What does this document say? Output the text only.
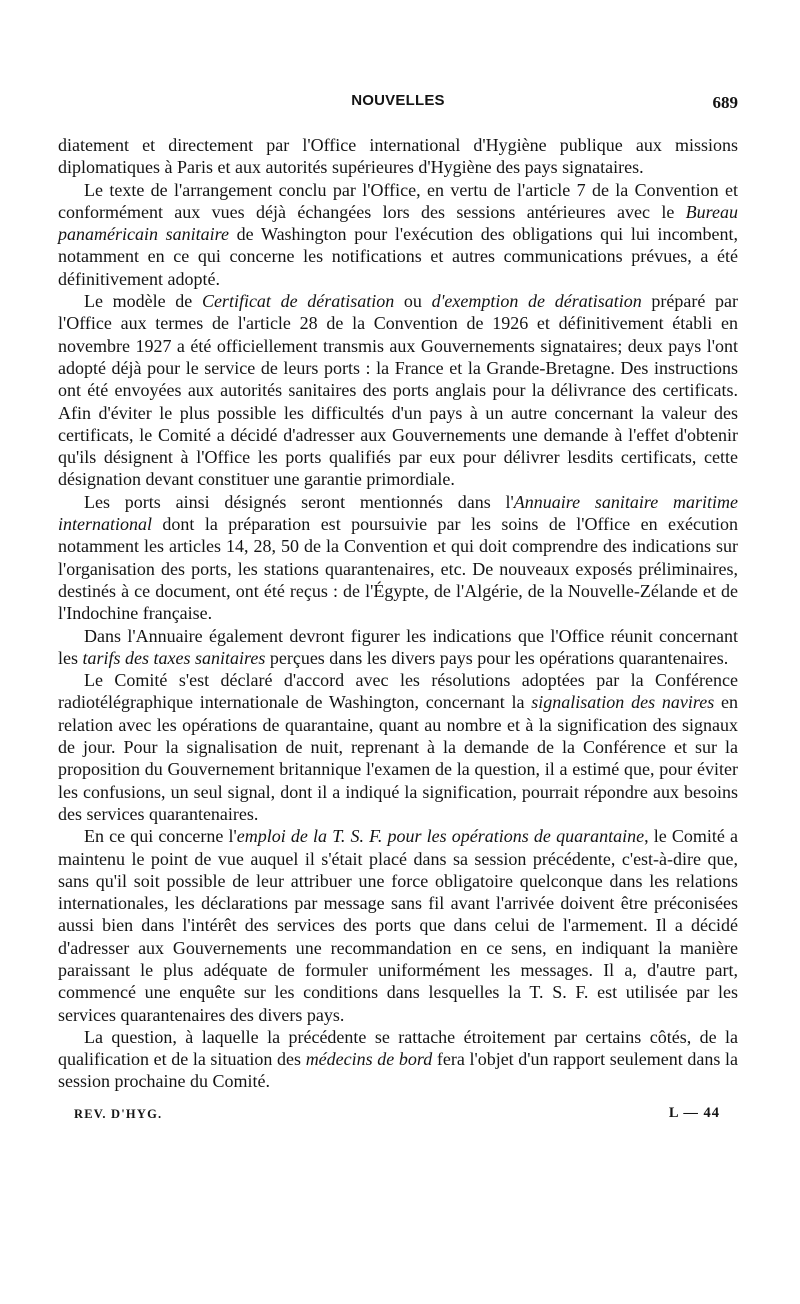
NOUVELLES	689

diatement et directement par l'Office international d'Hygiène publique aux missions diplomatiques à Paris et aux autorités supérieures d'Hygiène des pays signataires.

Le texte de l'arrangement conclu par l'Office, en vertu de l'article 7 de la Convention et conformément aux vues déjà échangées lors des sessions antérieures avec le Bureau panaméricain sanitaire de Washington pour l'exécution des obligations qui lui incombent, notamment en ce qui concerne les notifications et autres communications prévues, a été définitivement adopté.

Le modèle de Certificat de dératisation ou d'exemption de dératisation préparé par l'Office aux termes de l'article 28 de la Convention de 1926 et définitivement établi en novembre 1927 a été officiellement transmis aux Gouvernements signataires; deux pays l'ont adopté déjà pour le service de leurs ports : la France et la Grande-Bretagne. Des instructions ont été envoyées aux autorités sanitaires des ports anglais pour la délivrance des certificats. Afin d'éviter le plus possible les difficultés d'un pays à un autre concernant la valeur des certificats, le Comité a décidé d'adresser aux Gouvernements une demande à l'effet d'obtenir qu'ils désignent à l'Office les ports qualifiés par eux pour délivrer lesdits certificats, cette désignation devant constituer une garantie primordiale.

Les ports ainsi désignés seront mentionnés dans l'Annuaire sanitaire maritime international dont la préparation est poursuivie par les soins de l'Office en exécution notamment les articles 14, 28, 50 de la Convention et qui doit comprendre des indications sur l'organisation des ports, les stations quarantenaires, etc. De nouveaux exposés préliminaires, destinés à ce document, ont été reçus : de l'Égypte, de l'Algérie, de la Nouvelle-Zélande et de l'Indochine française.

Dans l'Annuaire également devront figurer les indications que l'Office réunit concernant les tarifs des taxes sanitaires perçues dans les divers pays pour les opérations quarantenaires.

Le Comité s'est déclaré d'accord avec les résolutions adoptées par la Conférence radiotélégraphique internationale de Washington, concernant la signalisation des navires en relation avec les opérations de quarantaine, quant au nombre et à la signification des signaux de jour. Pour la signalisation de nuit, reprenant à la demande de la Conférence et sur la proposition du Gouvernement britannique l'examen de la question, il a estimé que, pour éviter les confusions, un seul signal, dont il a indiqué la signification, pourrait répondre aux besoins des services quarantenaires.

En ce qui concerne l'emploi de la T. S. F. pour les opérations de quarantaine, le Comité a maintenu le point de vue auquel il s'était placé dans sa session précédente, c'est-à-dire que, sans qu'il soit possible de leur attribuer une force obligatoire quelconque dans les relations internationales, les déclarations par message sans fil avant l'arrivée doivent être préconisées aussi bien dans l'intérêt des services des ports que dans celui de l'armement. Il a décidé d'adresser aux Gouvernements une recommandation en ce sens, en indiquant la manière paraissant le plus adéquate de formuler uniformément les messages. Il a, d'autre part, commencé une enquête sur les conditions dans lesquelles la T. S. F. est utilisée par les services quarantenaires des divers pays.

La question, à laquelle la précédente se rattache étroitement par certains côtés, de la qualification et de la situation des médecins de bord fera l'objet d'un rapport seulement dans la session prochaine du Comité.

REV. D'HYG.	L — 44
